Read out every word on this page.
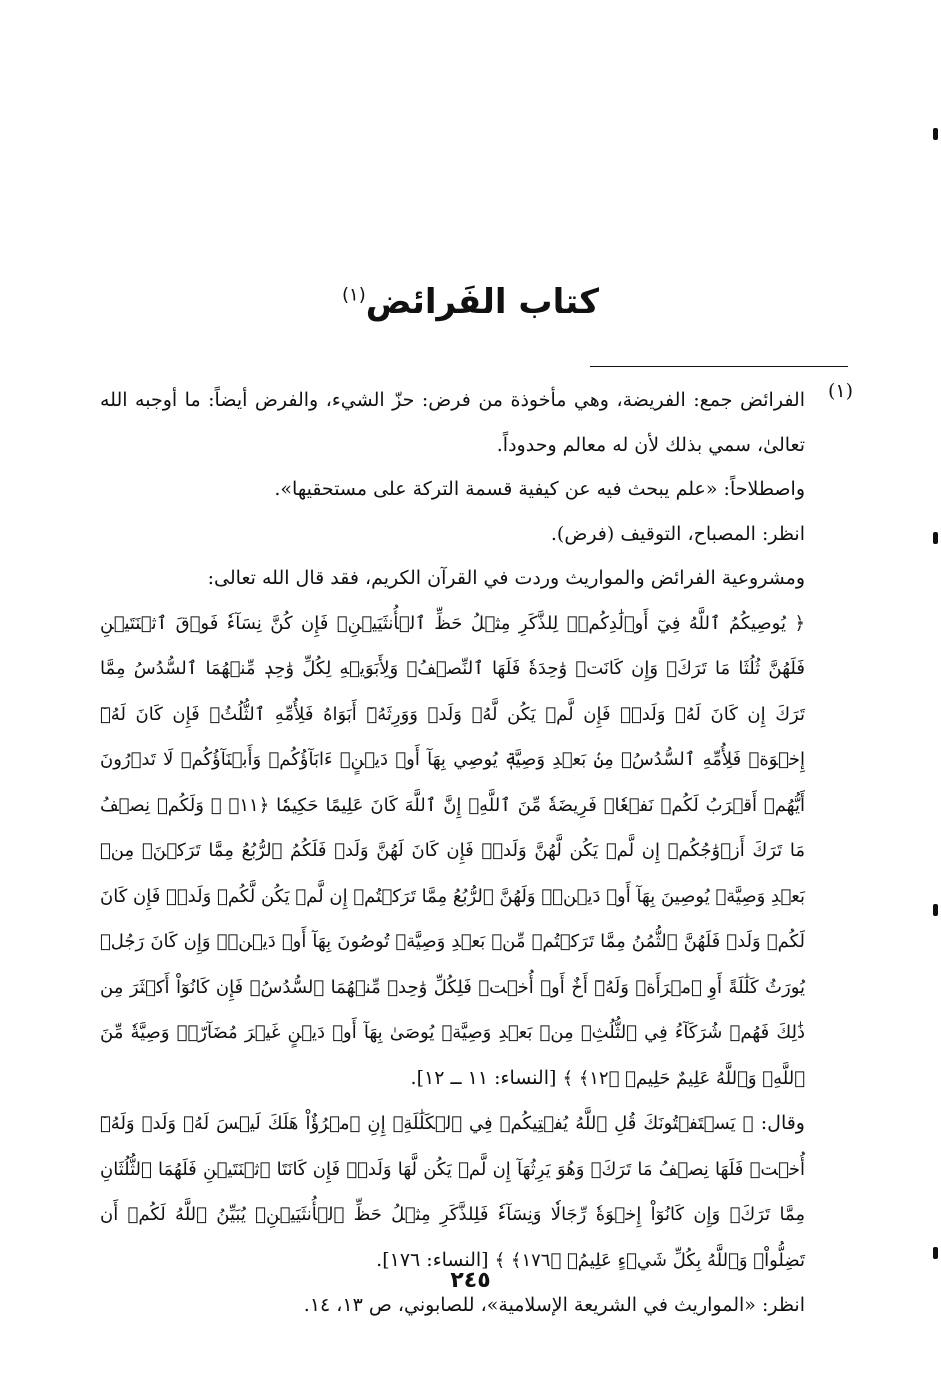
كتاب الفَرائض$^{(١)}$
(١)

الفرائض جمع: الفريضة، وهي مأخوذة من فرض: حزّ الشيء، والفرض أيضاً: ما أوجبه الله تعالىٰ، سمي بذلك لأن له معالم وحدوداً.

واصطلاحاً: «علم يبحث فيه عن كيفية قسمة التركة على مستحقيها».

انظر: المصباح، التوقيف (فرض).

ومشروعية الفرائض والمواريث وردت في القرآن الكريم، فقد قال الله تعالى:

﴿ يُوصِيكُمُ ٱللَّهُ فِيٓ أَوۡلَٰدِكُمۡۖ لِلذَّكَرِ مِثۡلُ حَظِّ ٱلۡأُنثَيَيۡنِۚ فَإِن كُنَّ نِسَآءٗ فَوۡقَ ٱثۡنَتَيۡنِ فَلَهُنَّ ثُلُثَا مَا تَرَكَۖ وَإِن كَانَتۡ وَٰحِدَةٗ فَلَهَا ٱلنِّصۡفُۚ وَلِأَبَوَيۡهِ لِكُلِّ وَٰحِدٖ مِّنۡهُمَا ٱلسُّدُسُ مِمَّا تَرَكَ إِن كَانَ لَهُۥ وَلَدٞۚ فَإِن لَّمۡ يَكُن لَّهُۥ وَلَدٞ وَوَرِثَهُۥٓ أَبَوَاهُ فَلِأُمِّهِ ٱلثُّلُثُۚ فَإِن كَانَ لَهُۥٓ إِخۡوَةٞ فَلِأُمِّهِ ٱلسُّدُسُۚ مِنۢ بَعۡدِ وَصِيَّةٖ يُوصِي بِهَآ أَوۡ دَيۡنٍۗ ءَابَآؤُكُمۡ وَأَبۡنَآؤُكُمۡ لَا تَدۡرُونَ أَيُّهُمۡ أَقۡرَبُ لَكُمۡ نَفۡعٗاۚ فَرِيضَةٗ مِّنَ ٱللَّهِۗ إِنَّ ٱللَّهَ كَانَ عَلِيمًا حَكِيمٗا ﴿١١﴾ ۞ وَلَكُمۡ نِصۡفُ مَا تَرَكَ أَزۡوَٰجُكُمۡ إِن لَّمۡ يَكُن لَّهُنَّ وَلَدٞۚ فَإِن كَانَ لَهُنَّ وَلَدٞ فَلَكُمُ ٱلرُّبُعُ مِمَّا تَرَكۡنَۚ مِنۢ بَعۡدِ وَصِيَّةٖ يُوصِينَ بِهَآ أَوۡ دَيۡنٖۚ وَلَهُنَّ ٱلرُّبُعُ مِمَّا تَرَكۡتُمۡ إِن لَّمۡ يَكُن لَّكُمۡ وَلَدٞۚ فَإِن كَانَ لَكُمۡ وَلَدٞ فَلَهُنَّ ٱلثُّمُنُ مِمَّا تَرَكۡتُمۚ مِّنۢ بَعۡدِ وَصِيَّةٖ تُوصُونَ بِهَآ أَوۡ دَيۡنٖۗ وَإِن كَانَ رَجُلٞ يُورَثُ كَلَٰلَةً أَوِ ٱمۡرَأَةٞ وَلَهُۥٓ أَخٌ أَوۡ أُخۡتٞ فَلِكُلِّ وَٰحِدٖ مِّنۡهُمَا ٱلسُّدُسُۚ فَإِن كَانُوٓاْ أَكۡثَرَ مِن ذَٰلِكَ فَهُمۡ شُرَكَآءُ فِي ٱلثُّلُثِۚ مِنۢ بَعۡدِ وَصِيَّةٖ يُوصَىٰ بِهَآ أَوۡ دَيۡنٍ غَيۡرَ مُضَآرّٖۚ وَصِيَّةٗ مِّنَ ٱللَّهِۗ وَٱللَّهُ عَلِيمٌ حَلِيمٞ ﴿١٢﴾ ﴾ [النساء: ١١ ــ ١٢].

وقال: ﴿ يَسۡتَفۡتُونَكَ قُلِ ٱللَّهُ يُفۡتِيكُمۡ فِي ٱلۡكَلَٰلَةِۚ إِنِ ٱمۡرُؤٌاْ هَلَكَ لَيۡسَ لَهُۥ وَلَدٞ وَلَهُۥٓ أُخۡتٞ فَلَهَا نِصۡفُ مَا تَرَكَۚ وَهُوَ يَرِثُهَآ إِن لَّمۡ يَكُن لَّهَا وَلَدٞۚ فَإِن كَانَتَا ٱثۡنَتَيۡنِ فَلَهُمَا ٱلثُّلُثَانِ مِمَّا تَرَكَۚ وَإِن كَانُوٓاْ إِخۡوَةٗ رِّجَالٗا وَنِسَآءٗ فَلِلذَّكَرِ مِثۡلُ حَظِّ ٱلۡأُنثَيَيۡنِۗ يُبَيِّنُ ٱللَّهُ لَكُمۡ أَن تَضِلُّواْۗ وَٱللَّهُ بِكُلِّ شَيۡءٍ عَلِيمُۢ ﴿١٧٦﴾ ﴾ [النساء: ١٧٦].

انظر: «المواريث في الشريعة الإسلامية»، للصابوني، ص ١٣، ١٤.

٢٤٥
